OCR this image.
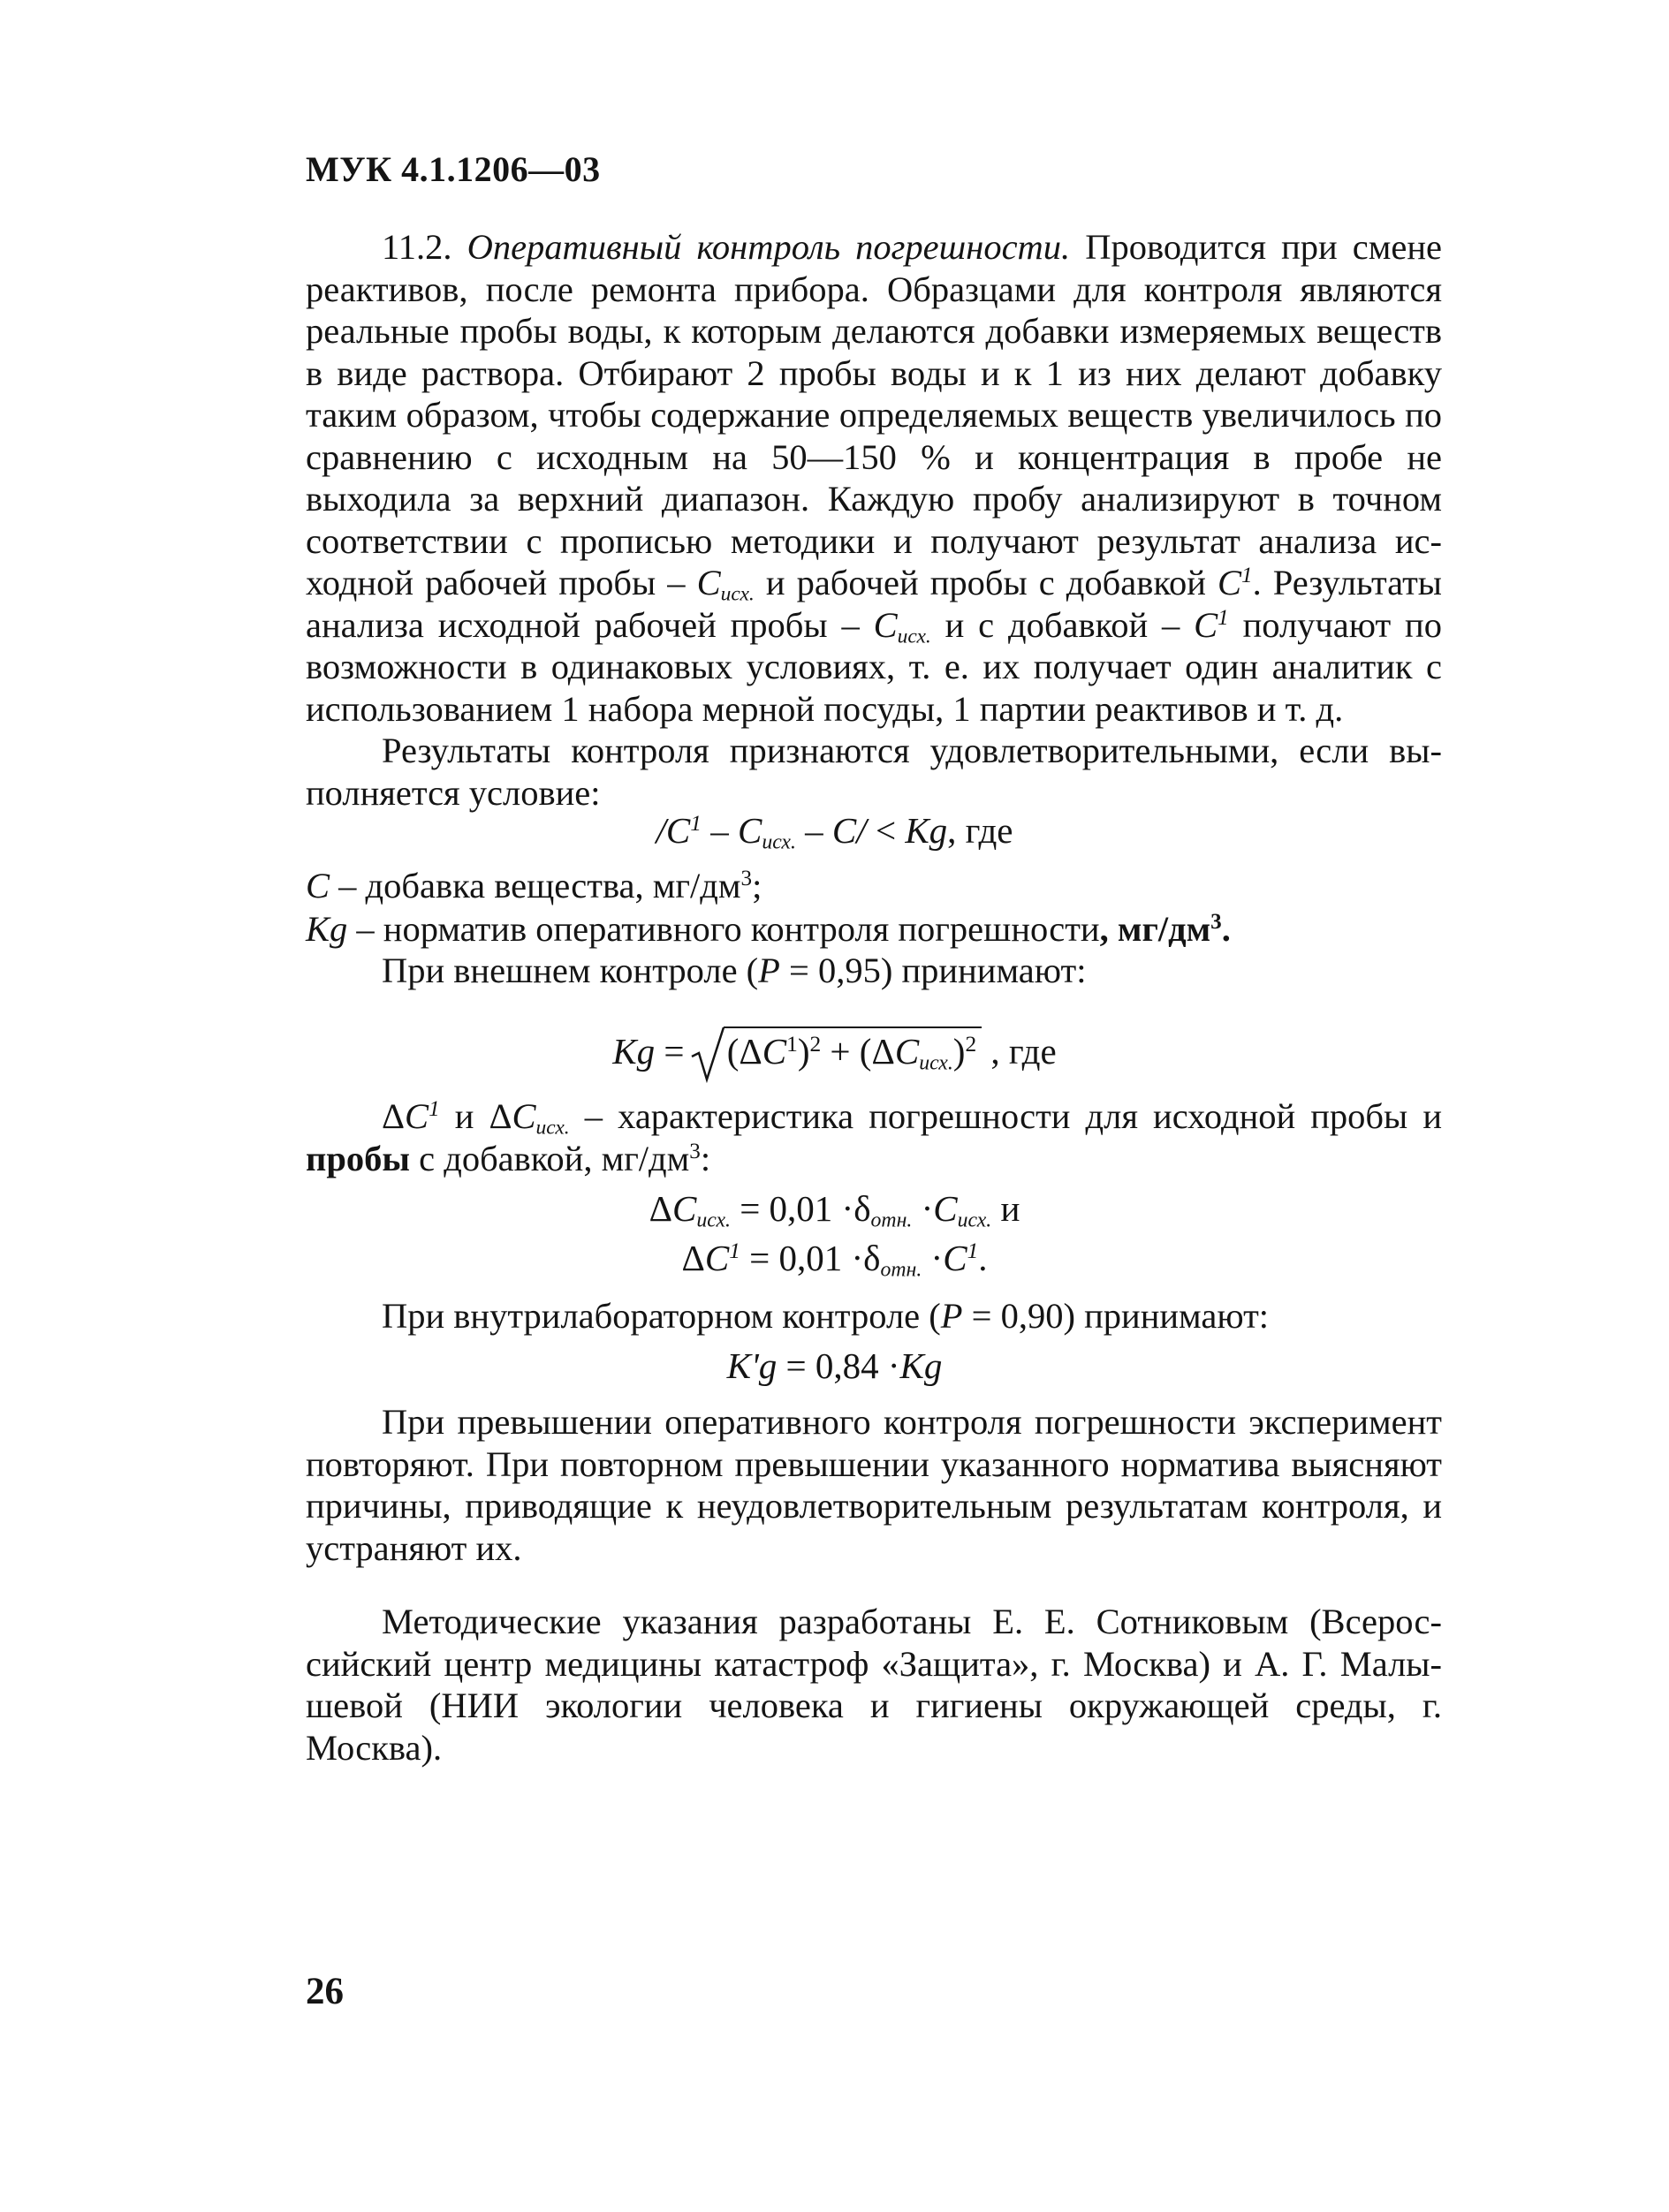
МУК 4.1.1206—03
11.2. Оперативный контроль погрешности. Проводится при смене реактивов, после ремонта прибора. Образцами для контроля являются реальные пробы воды, к которым делаются добавки измеряемых веществ в виде раствора. Отбирают 2 пробы воды и к 1 из них делают добавку таким образом, чтобы содержание определяемых веществ увеличилось по сравнению с исходным на 50—150 % и концентрация в пробе не выходила за верхний диапазон. Каждую пробу анализируют в точном соответствии с прописью методики и получают результат анализа исходной рабочей пробы – $C_{исх.}$ и рабочей пробы с добавкой $C^1$. Результаты анализа исходной рабочей пробы – $C_{исх.}$ и с добавкой – $C^1$ получают по возможности в одинаковых условиях, т. е. их получает один аналитик с использованием 1 набора мерной посуды, 1 партии реактивов и т. д.
Результаты контроля признаются удовлетворительными, если выполняется условие:
$/C^1 - C_{исх.} - C/ < Kg$, где
C – добавка вещества, $мг/дм^3$;
Kg – норматив оперативного контроля погрешности, $мг/дм^3$.
При внешнем контроле (P = 0,95) принимают:
Kg =
$(\Delta C^1)^2 + (\Delta C_{исх.})^2$ , где
$\Delta C^1$ и $\Delta C_{исх.}$ – характеристика погрешности для исходной пробы и пробы с добавкой, $мг/дм^3$:
$\Delta C_{исх.} = 0,01 \cdot\delta_{отн.} \cdot C_{исх.}$ и
$\Delta C^1 = 0,01 \cdot\delta_{отн.} \cdot C^1$.
При внутрилабораторном контроле (P = 0,90) принимают:
K'g = 0,84 ·Kg
При превышении оперативного контроля погрешности эксперимент повторяют. При повторном превышении указанного норматива выясняют причины, приводящие к неудовлетворительным результатам контроля, и устраняют их.
Методические указания разработаны Е. Е. Сотниковым (Всероссийский центр медицины катастроф «Защита», г. Москва) и А. Г. Малышевой (НИИ экологии человека и гигиены окружающей среды, г. Москва).
26
